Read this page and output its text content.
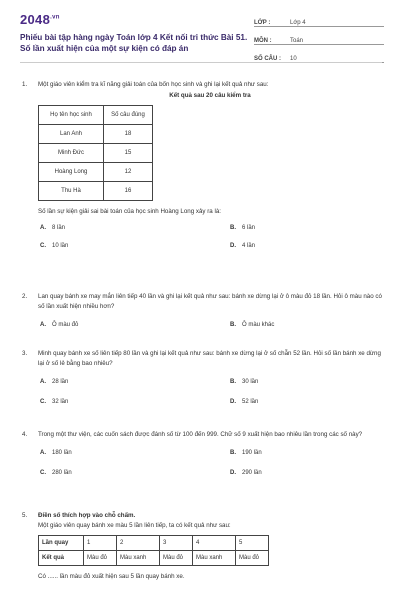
$2048^{.vn}$
Phiếu bài tập hàng ngày Toán lớp 4 Kết nối tri thức Bài 51.
Số lần xuất hiện của một sự kiện có đáp án
LỚP :	Lớp 4
MÔN :	Toán
SỐ CÂU :	10
1. Một giáo viên kiểm tra kĩ năng giải toán của bốn học sinh và ghi lại kết quả như sau:
Kết quả sau 20 câu kiểm tra
Họ tên học sinh	Số câu đúng
Lan Anh	18
Minh Đức	15
Hoàng Long	12
Thu Hà	16
Số lần sự kiện giải sai bài toán của học sinh Hoàng Long xảy ra là:
A. 8 lần	B. 6 lần
C. 10 lần	D. 4 lần
2. Lan quay bánh xe may mắn liên tiếp 40 lần và ghi lại kết quả như sau: bánh xe dừng lại ở ô màu đỏ 18 lần. Hỏi ô màu nào có số lần xuất hiện nhiều hơn?
A. Ô màu đỏ	B. Ô màu khác
3. Minh quay bánh xe số liên tiếp 80 lần và ghi lại kết quả như sau: bánh xe dừng lại ở số chẵn 52 lần. Hỏi số lần bánh xe dừng lại ở số lẻ bằng bao nhiêu?
A. 28 lần	B. 30 lần
C. 32 lần	D. 52 lần
4. Trong một thư viện, các cuốn sách được đánh số từ 100 đến 999. Chữ số 9 xuất hiện bao nhiêu lần trong các số này?
A. 180 lần	B. 190 lần
C. 280 lần	D. 290 lần
5. Điền số thích hợp vào chỗ chấm.
Một giáo viên quay bánh xe màu 5 lần liên tiếp, ta có kết quả như sau:
Lần quay	1	2	3	4	5
Kết quả	Màu đỏ	Màu xanh	Màu đỏ	Màu xanh	Màu đỏ
Có ...... lần màu đỏ xuất hiện sau 5 lần quay bánh xe.
